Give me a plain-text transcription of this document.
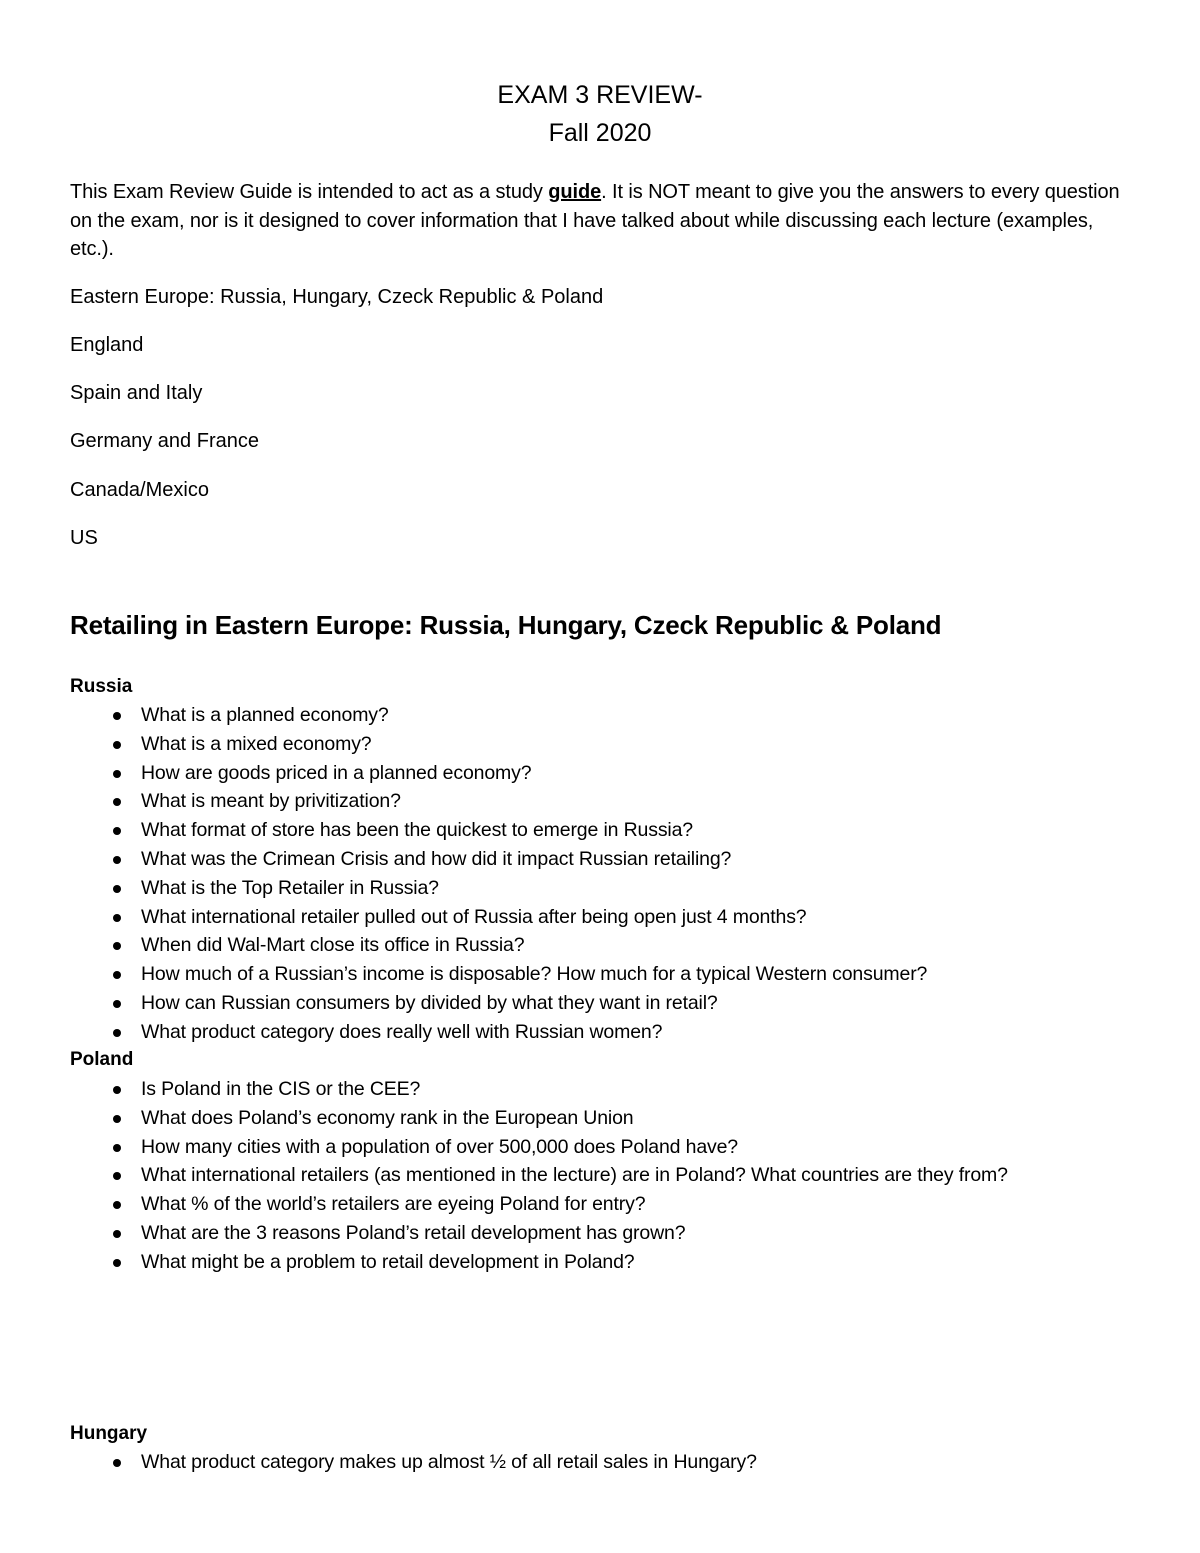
EXAM 3 REVIEW-
Fall 2020

This Exam Review Guide is intended to act as a study guide. It is NOT meant to give you the answers to every question on the exam, nor is it designed to cover information that I have talked about while discussing each lecture (examples, etc.).

Eastern Europe: Russia, Hungary, Czeck Republic & Poland
England
Spain and Italy
Germany and France
Canada/Mexico
US
Retailing in Eastern Europe: Russia, Hungary, Czeck Republic & Poland
Russia
What is a planned economy?
What is a mixed economy?
How are goods priced in a planned economy?
What is meant by privitization?
What format of store has been the quickest to emerge in Russia?
What was the Crimean Crisis and how did it impact Russian retailing?
What is the Top Retailer in Russia?
What international retailer pulled out of Russia after being open just 4 months?
When did Wal-Mart close its office in Russia?
How much of a Russian’s income is disposable? How much for a typical Western consumer?
How can Russian consumers by divided by what they want in retail?
What product category does really well with Russian women?
Poland
Is Poland in the CIS or the CEE?
What does Poland’s economy rank in the European Union
How many cities with a population of over 500,000 does Poland have?
What international retailers (as mentioned in the lecture) are in Poland? What countries are they from?
What % of the world’s retailers are eyeing Poland for entry?
What are the 3 reasons Poland’s retail development has grown?
What might be a problem to retail development in Poland?
Hungary
What product category makes up almost ½ of all retail sales in Hungary?
